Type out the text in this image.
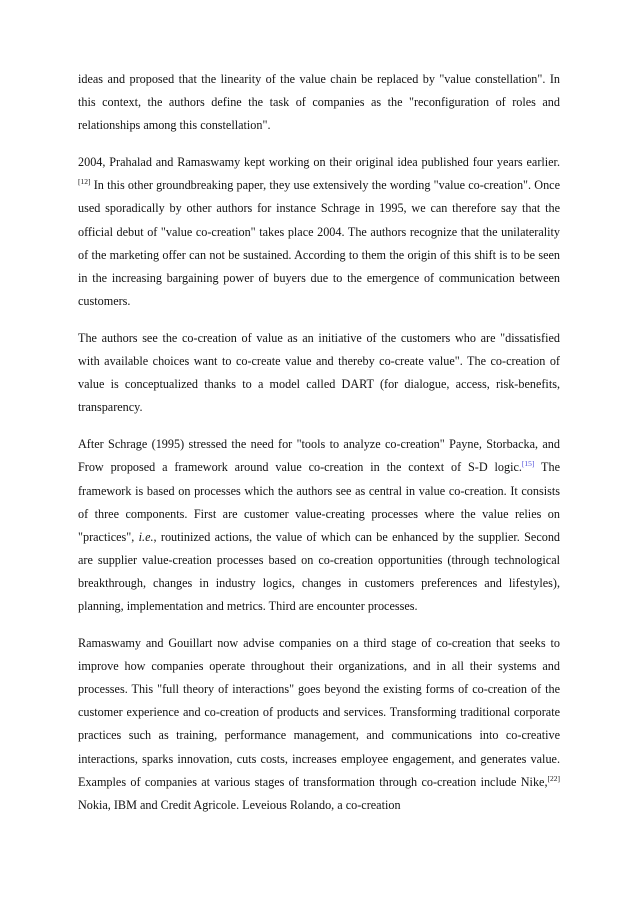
ideas and proposed that the linearity of the value chain be replaced by "value constellation". In this context, the authors define the task of companies as the "reconfiguration of roles and relationships among this constellation".

2004, Prahalad and Ramaswamy kept working on their original idea published four years earlier.[12] In this other groundbreaking paper, they use extensively the wording "value co-creation". Once used sporadically by other authors for instance Schrage in 1995, we can therefore say that the official debut of "value co-creation" takes place 2004. The authors recognize that the unilaterality of the marketing offer can not be sustained. According to them the origin of this shift is to be seen in the increasing bargaining power of buyers due to the emergence of communication between customers.

The authors see the co-creation of value as an initiative of the customers who are "dissatisfied with available choices want to co-create value and thereby co-create value". The co-creation of value is conceptualized thanks to a model called DART (for dialogue, access, risk-benefits, transparency.

After Schrage (1995) stressed the need for "tools to analyze co-creation" Payne, Storbacka, and Frow proposed a framework around value co-creation in the context of S-D logic.[15] The framework is based on processes which the authors see as central in value co-creation. It consists of three components. First are customer value-creating processes where the value relies on "practices", i.e., routinized actions, the value of which can be enhanced by the supplier. Second are supplier value-creation processes based on co-creation opportunities (through technological breakthrough, changes in industry logics, changes in customers preferences and lifestyles), planning, implementation and metrics. Third are encounter processes.

Ramaswamy and Gouillart now advise companies on a third stage of co-creation that seeks to improve how companies operate throughout their organizations, and in all their systems and processes. This "full theory of interactions" goes beyond the existing forms of co-creation of the customer experience and co-creation of products and services. Transforming traditional corporate practices such as training, performance management, and communications into co-creative interactions, sparks innovation, cuts costs, increases employee engagement, and generates value. Examples of companies at various stages of transformation through co-creation include Nike,[22] Nokia, IBM and Credit Agricole. Leveious Rolando, a co-creation
